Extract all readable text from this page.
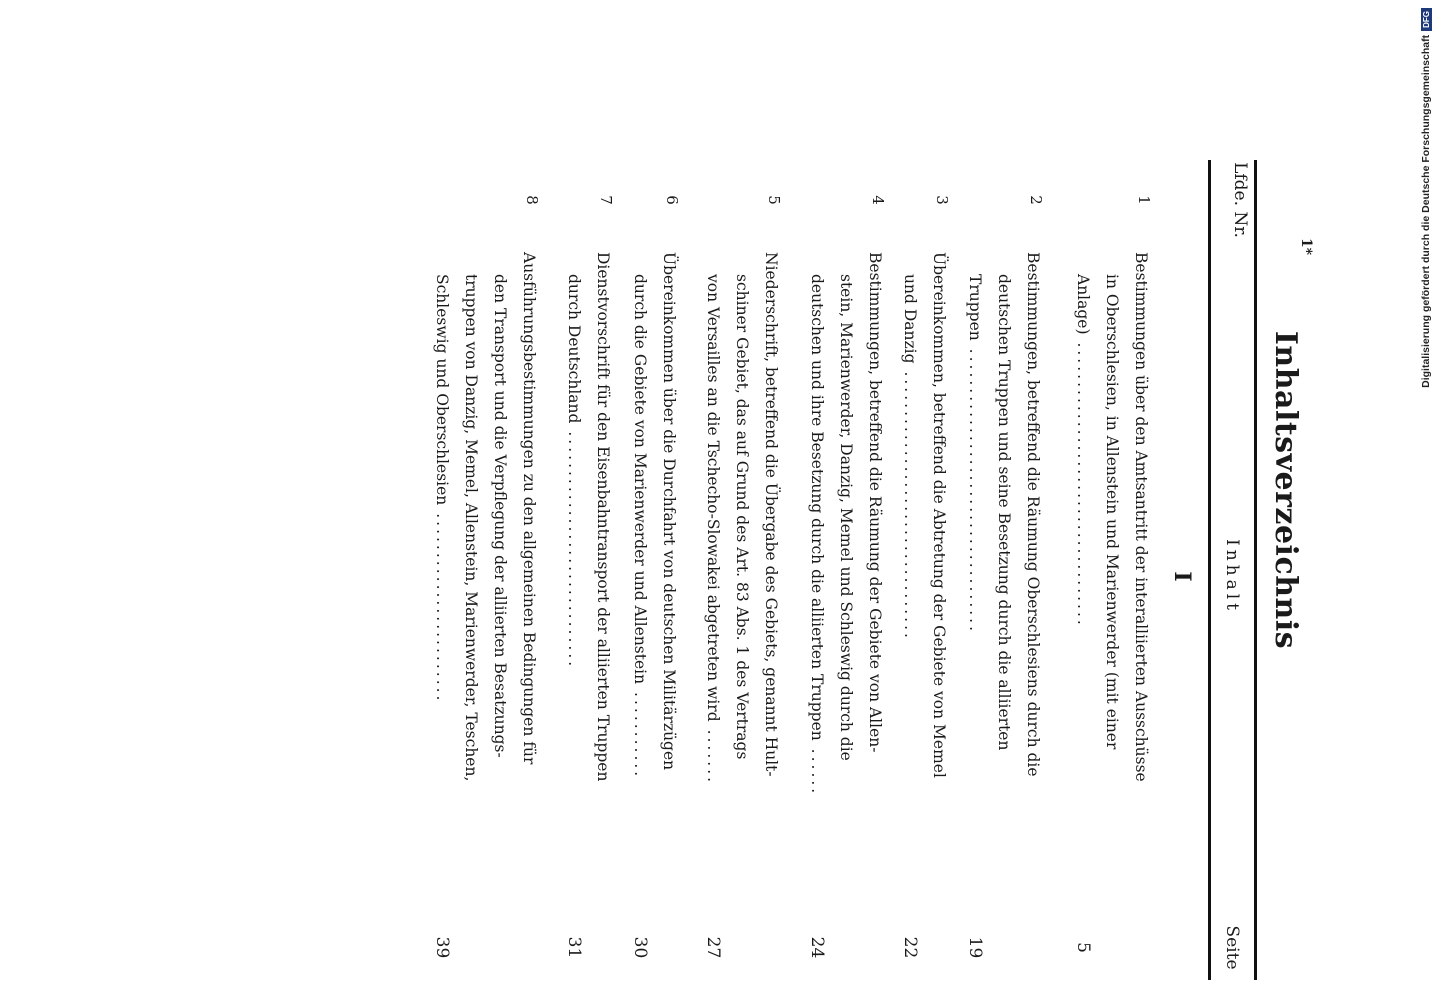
Inhaltsverzeichnis
Lfde. Nr.
Inhalt
Seite
I
1
Bestimmungen über den Amtsantritt der interalliierten Ausschüsse
in Oberschlesien, in Allenstein und Marienwerder (mit einer
Anlage) ....................................
5
2
Bestimmungen, betreffend die Räumung Oberschlesiens durch die
deutschen Truppen und seine Besetzung durch die alliierten
Truppen ....................................
19
3
Übereinkommen, betreffend die Abtretung der Gebiete von Memel
und Danzig ..................................
22
4
Bestimmungen, betreffend die Räumung der Gebiete von Allen-
stein, Marienwerder, Danzig, Memel und Schleswig durch die
deutschen und ihre Besetzung durch die alliierten Truppen ......
24
5
Niederschrift, betreffend die Übergabe des Gebiets, genannt Hult-
schiner Gebiet, das auf Grund des Art. 83 Abs. 1 des Vertrags
von Versailles an die Tschecho-Slowakei abgetreten wird .......
27
6
Übereinkommen über die Durchfahrt von deutschen Militärzügen
durch die Gebiete von Marienwerder und Allenstein ...........
30
7
Dienstvorschrift für den Eisenbahntransport der alliierten Truppen
durch Deutschland ..............................
31
8
Ausführungsbestimmungen zu den allgemeinen Bedingungen für
den Transport und die Verpflegung der alliierten Besatzungs-
truppen von Danzig, Memel, Allenstein, Marienwerder, Teschen,
Schleswig und Oberschlesien ........................
39
1*	Digitalisierung gefördert durch die Deutsche Forschungsgemeinschaft
DFG
